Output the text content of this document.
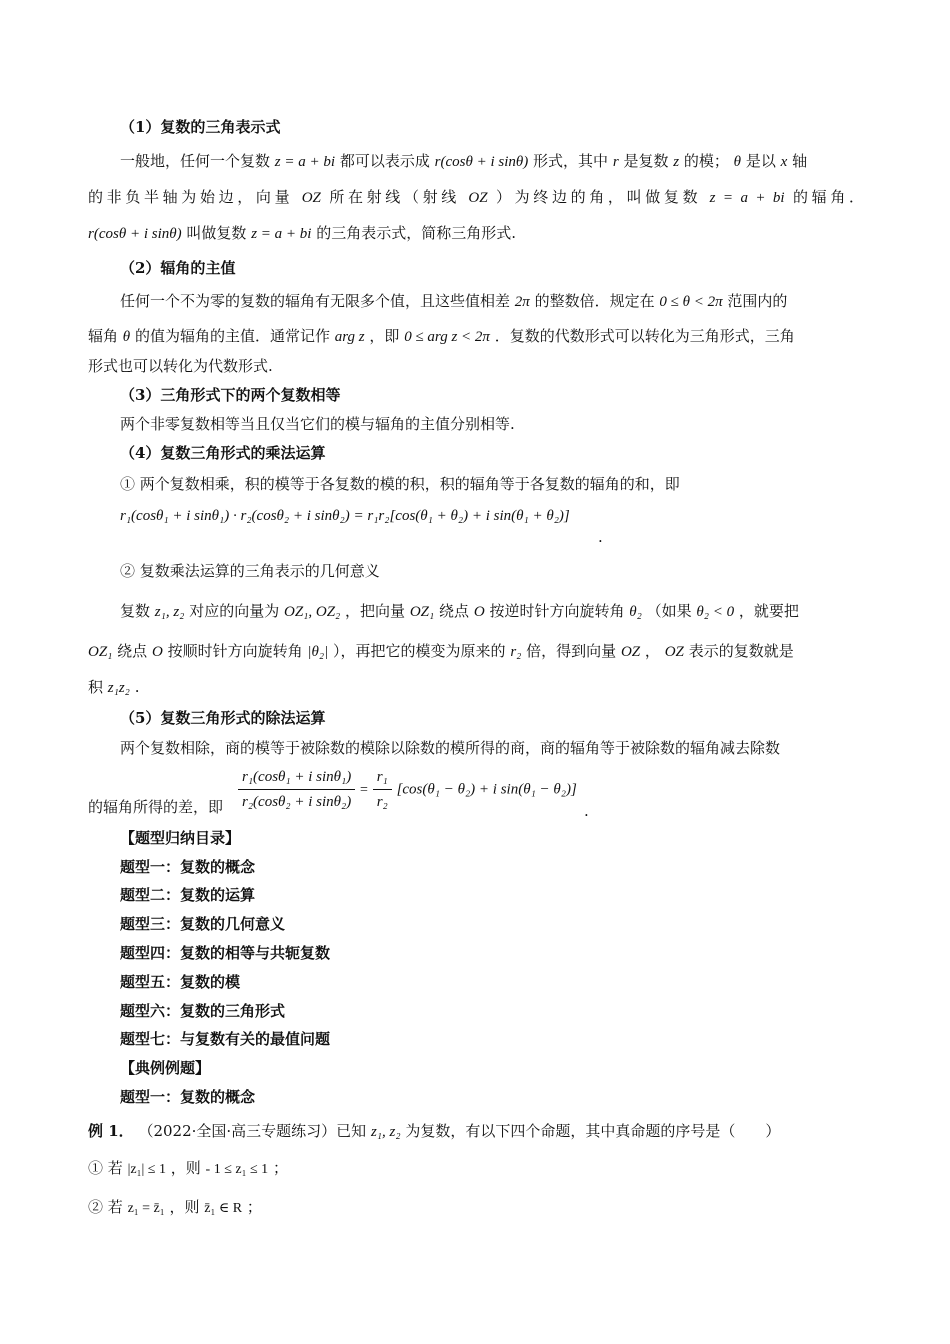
（1）复数的三角表示式
一般地，任何一个复数 z = a + bi 都可以表示成 r(cosθ + i sinθ) 形式，其中 r 是复数 z 的模； θ 是以 x 轴
的非负半轴为始边，向量 OZ 所在射线（射线 OZ ）为终边的角，叫做复数 z = a + bi 的辐角．
r(cosθ + i sinθ) 叫做复数 z = a + bi 的三角表示式，简称三角形式.
（2）辐角的主值
任何一个不为零的复数的辐角有无限多个值，且这些值相差 2π 的整数倍．规定在 0 ≤ θ < 2π 范围内的
辐角 θ 的值为辐角的主值．通常记作 arg z ，即 0 ≤ arg z < 2π ．复数的代数形式可以转化为三角形式，三角
形式也可以转化为代数形式.
（3）三角形式下的两个复数相等
两个非零复数相等当且仅当它们的模与辐角的主值分别相等.
（4）复数三角形式的乘法运算
① 两个复数相乘，积的模等于各复数的模的积，积的辐角等于各复数的辐角的和，即
r₁(cosθ₁ + i sinθ₁) · r₂(cosθ₂ + i sinθ₂) = r₁r₂[cos(θ₁ + θ₂) + i sin(θ₁ + θ₂)]
.
② 复数乘法运算的三角表示的几何意义
复数 z₁, z₂ 对应的向量为 OZ₁, OZ₂ ，把向量 OZ₁ 绕点 O 按逆时针方向旋转角 θ₂ （如果 θ₂ < 0 ，就要把
OZ₁ 绕点 O 按顺时针方向旋转角 |θ₂| ），再把它的模变为原来的 r₂ 倍，得到向量 OZ ， OZ 表示的复数就是
积 z₁z₂ .
（5）复数三角形式的除法运算
两个复数相除，商的模等于被除数的模除以除数的模所得的商，商的辐角等于被除数的辐角减去除数
的辐角所得的差，即 $\frac{\text{r₁(cosθ₁ + i sinθ₁)}}{\text{r₂(cosθ₂ + i sinθ₂)}} = \frac{\text{r₁}}{\text{r₂}} [\cos(\theta_1 - \theta_2) + i$ sin(θ₁ − θ₂)]
.
【题型归纳目录】
题型一：复数的概念
题型二：复数的运算
题型三：复数的几何意义
题型四：复数的相等与共轭复数
题型五：复数的模
题型六：复数的三角形式
题型七：与复数有关的最值问题
【典例例题】
题型一：复数的概念
例 1． （2022·全国·高三专题练习）已知 z₁, z₂ 为复数，有以下四个命题，其中真命题的序号是（　　）
① 若 |z₁| ≤ 1 ，则 - 1 ≤ z₁ ≤ 1 ；
② 若 z₁ = z̄₁ ，则 z̄₁ ∈ R ；
